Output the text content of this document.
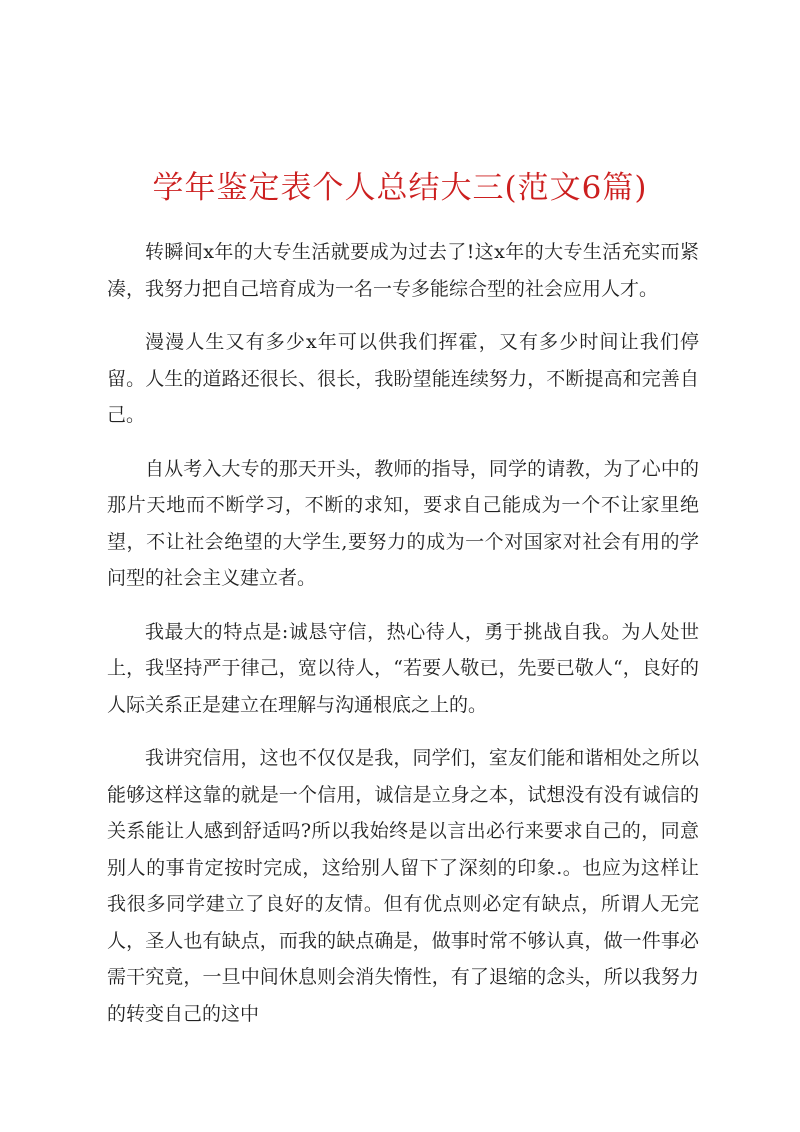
学年鉴定表个人总结大三(范文6篇)

转瞬间x年的大专生活就要成为过去了!这x年的大专生活充实而紧凑，我努力把自己培育成为一名一专多能综合型的社会应用人才。

漫漫人生又有多少x年可以供我们挥霍，又有多少时间让我们停留。人生的道路还很长、很长，我盼望能连续努力，不断提高和完善自己。

自从考入大专的那天开头，教师的指导，同学的请教，为了心中的那片天地而不断学习，不断的求知，要求自己能成为一个不让家里绝望，不让社会绝望的大学生,要努力的成为一个对国家对社会有用的学问型的社会主义建立者。

我最大的特点是:诚恳守信，热心待人，勇于挑战自我。为人处世上，我坚持严于律己，宽以待人，“若要人敬已，先要已敬人“，良好的人际关系正是建立在理解与沟通根底之上的。

我讲究信用，这也不仅仅是我，同学们，室友们能和谐相处之所以能够这样这靠的就是一个信用，诚信是立身之本，试想没有没有诚信的关系能让人感到舒适吗?所以我始终是以言出必行来要求自己的，同意别人的事肯定按时完成，这给别人留下了深刻的印象.。也应为这样让我很多同学建立了良好的友情。但有优点则必定有缺点，所谓人无完人，圣人也有缺点，而我的缺点确是，做事时常不够认真，做一件事必需干究竟，一旦中间休息则会消失惰性，有了退缩的念头，所以我努力的转变自己的这中
